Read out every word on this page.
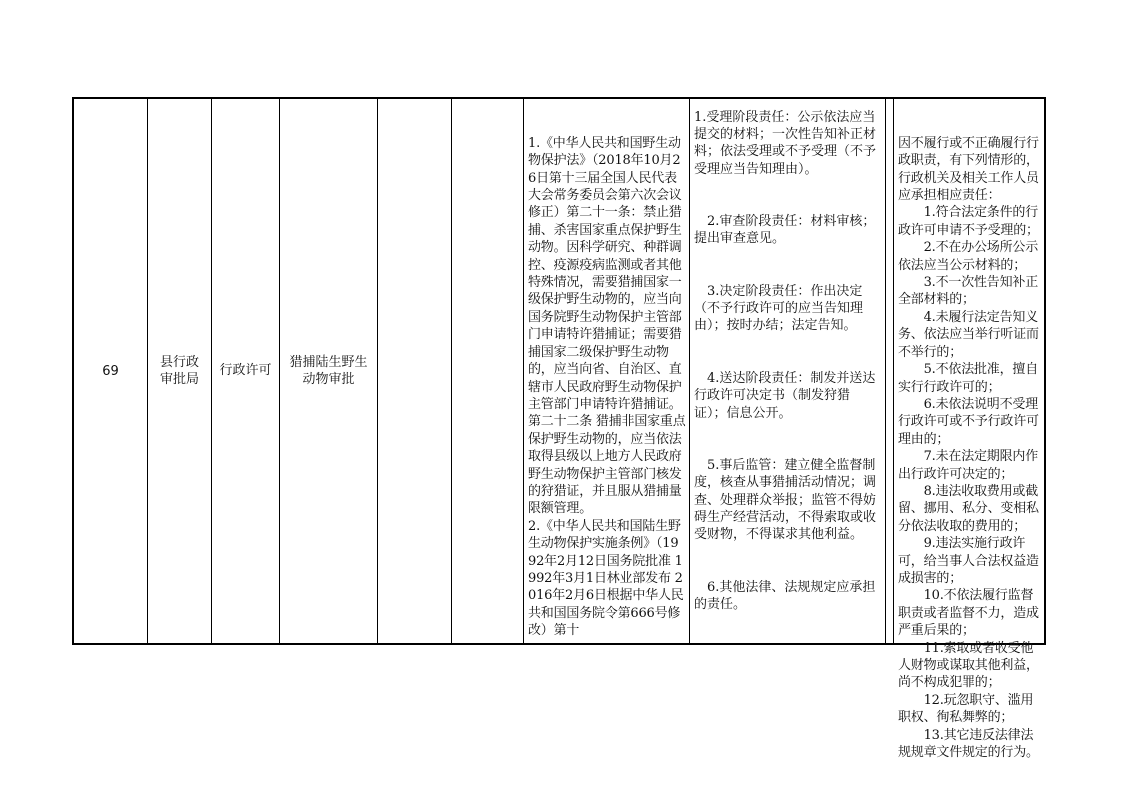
69
县行政审批局
行政许可
猎捕陆生野生动物审批

1.《中华人民共和国野生动物保护法》（2018年10月26日第十三届全国人民代表大会常务委员会第六次会议修正）第二十一条：禁止猎捕、杀害国家重点保护野生动物。因科学研究、种群调控、疫源疫病监测或者其他特殊情况，需要猎捕国家一级保护野生动物的，应当向国务院野生动物保护主管部门申请特许猎捕证；需要猎捕国家二级保护野生动物的，应当向省、自治区、直辖市人民政府野生动物保护主管部门申请特许猎捕证。 第二十二条 猎捕非国家重点保护野生动物的，应当依法取得县级以上地方人民政府野生动物保护主管部门核发的狩猎证，并且服从猎捕量限额管理。
2.《中华人民共和国陆生野生动物保护实施条例》（1992年2月12日国务院批准 1992年3月1日林业部发布 2016年2月6日根据中华人民共和国国务院令第666号修改）第十

1.受理阶段责任：公示依法应当提交的材料；一次性告知补正材料；依法受理或不予受理（不予受理应当告知理由）。

　2.审查阶段责任：材料审核；提出审查意见。

　3.决定阶段责任：作出决定（不予行政许可的应当告知理由）；按时办结；法定告知。

　4.送达阶段责任：制发并送达行政许可决定书（制发狩猎证）；信息公开。

　5.事后监管：建立健全监督制度，核查从事猎捕活动情况；调查、处理群众举报；监管不得妨碍生产经营活动，不得索取或收受财物，不得谋求其他利益。

　6.其他法律、法规规定应承担的责任。

因不履行或不正确履行行政职责，有下列情形的，行政机关及相关工作人员应承担相应责任：
　　1.符合法定条件的行政许可申请不予受理的；
　　2.不在办公场所公示依法应当公示材料的；
　　3.不一次性告知补正全部材料的；
　　4.未履行法定告知义务、依法应当举行听证而不举行的；
　　5.不依法批准，擅自实行行政许可的；
　　6.未依法说明不受理行政许可或不予行政许可理由的；
　　7.未在法定期限内作出行政许可决定的；
　　8.违法收取费用或截留、挪用、私分、变相私分依法收取的费用的；
　　9.违法实施行政许可，给当事人合法权益造成损害的；
　　10.不依法履行监督职责或者监督不力，造成严重后果的；
　　11.索取或者收受他人财物或谋取其他利益，尚不构成犯罪的；
　　12.玩忽职守、滥用职权、徇私舞弊的；
　　13.其它违反法律法规规章文件规定的行为。
